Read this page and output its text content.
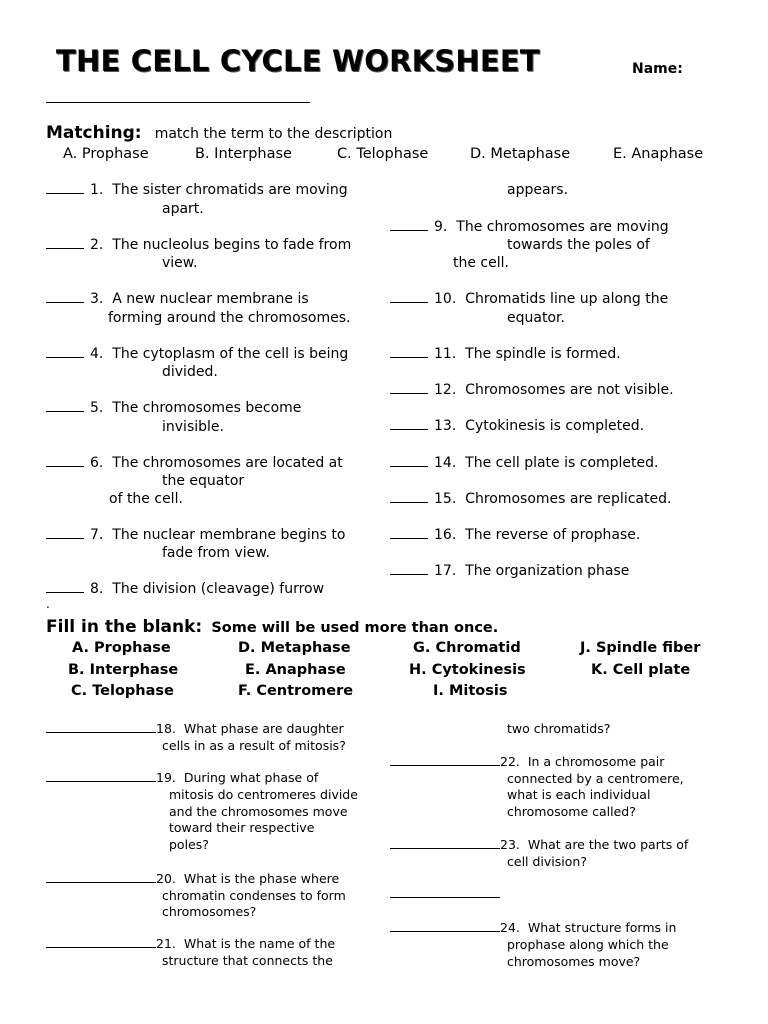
THE CELL CYCLE WORKSHEET	Name:
Matching: match the term to the description
A. Prophase	B. Interphase	C. Telophase	D. Metaphase	E. Anaphase
1. The sister chromatids are moving
apart.
2. The nucleolus begins to fade from
view.
3. A new nuclear membrane is
forming around the chromosomes.
4. The cytoplasm of the cell is being
divided.
5. The chromosomes become
invisible.
6. The chromosomes are located at
the equator
of the cell.
7. The nuclear membrane begins to
fade from view.
8. The division (cleavage) furrow
.
appears.
9. The chromosomes are moving
towards the poles of
the cell.
10. Chromatids line up along the
equator.
11. The spindle is formed.
12. Chromosomes are not visible.
13. Cytokinesis is completed.
14. The cell plate is completed.
15. Chromosomes are replicated.
16. The reverse of prophase.
17. The organization phase
Fill in the blank: Some will be used more than once.
A. Prophase	D. Metaphase	G. Chromatid	J. Spindle fiber
B. Interphase	E. Anaphase	H. Cytokinesis	K. Cell plate
C. Telophase	F. Centromere	I. Mitosis
18. What phase are daughter
cells in as a result of mitosis?
19. During what phase of
mitosis do centromeres divide
and the chromosomes move
toward their respective
poles?
20. What is the phase where
chromatin condenses to form
chromosomes?
21. What is the name of the
structure that connects the
two chromatids?
22. In a chromosome pair
connected by a centromere,
what is each individual
chromosome called?
23. What are the two parts of
cell division?
24. What structure forms in
prophase along which the
chromosomes move?
